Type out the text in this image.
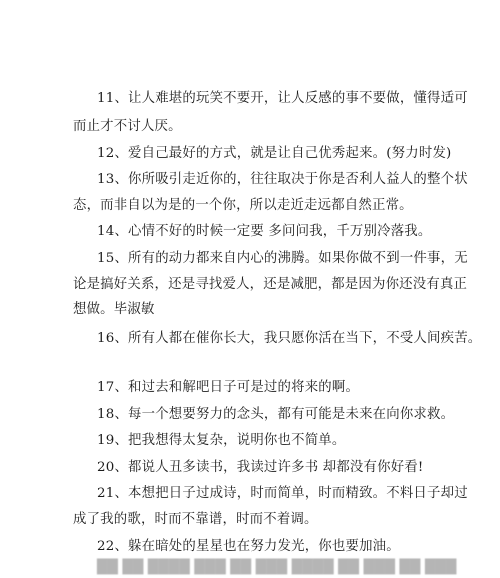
11、让人难堪的玩笑不要开，让人反感的事不要做，懂得适可
而止才不讨人厌。
12、爱自己最好的方式，就是让自己优秀起来。(努力时发)
13、你所吸引走近你的，往往取决于你是否利人益人的整个状
态，而非自以为是的一个你，所以走近走远都自然正常。
14、心情不好的时候一定要 多问问我，千万别冷落我。
15、所有的动力都来自内心的沸腾。如果你做不到一件事，无
论是搞好关系，还是寻找爱人，还是减肥，都是因为你还没有真正
想做。毕淑敏
16、所有人都在催你长大，我只愿你活在当下，不受人间疾苦。
17、和过去和解吧日子可是过的将来的啊。
18、每一个想要努力的念头，都有可能是未来在向你求救。
19、把我想得太复杂，说明你也不简单。
20、都说人丑多读书，我读过许多书 却都没有你好看!
21、本想把日子过成诗，时而简单，时而精致。不料日子却过
成了我的歌，时而不靠谱，时而不着调。
22、躲在暗处的星星也在努力发光，你也要加油。
██ ██ ████ ███ ██ ███ ████ ██ ███ ██ ███
